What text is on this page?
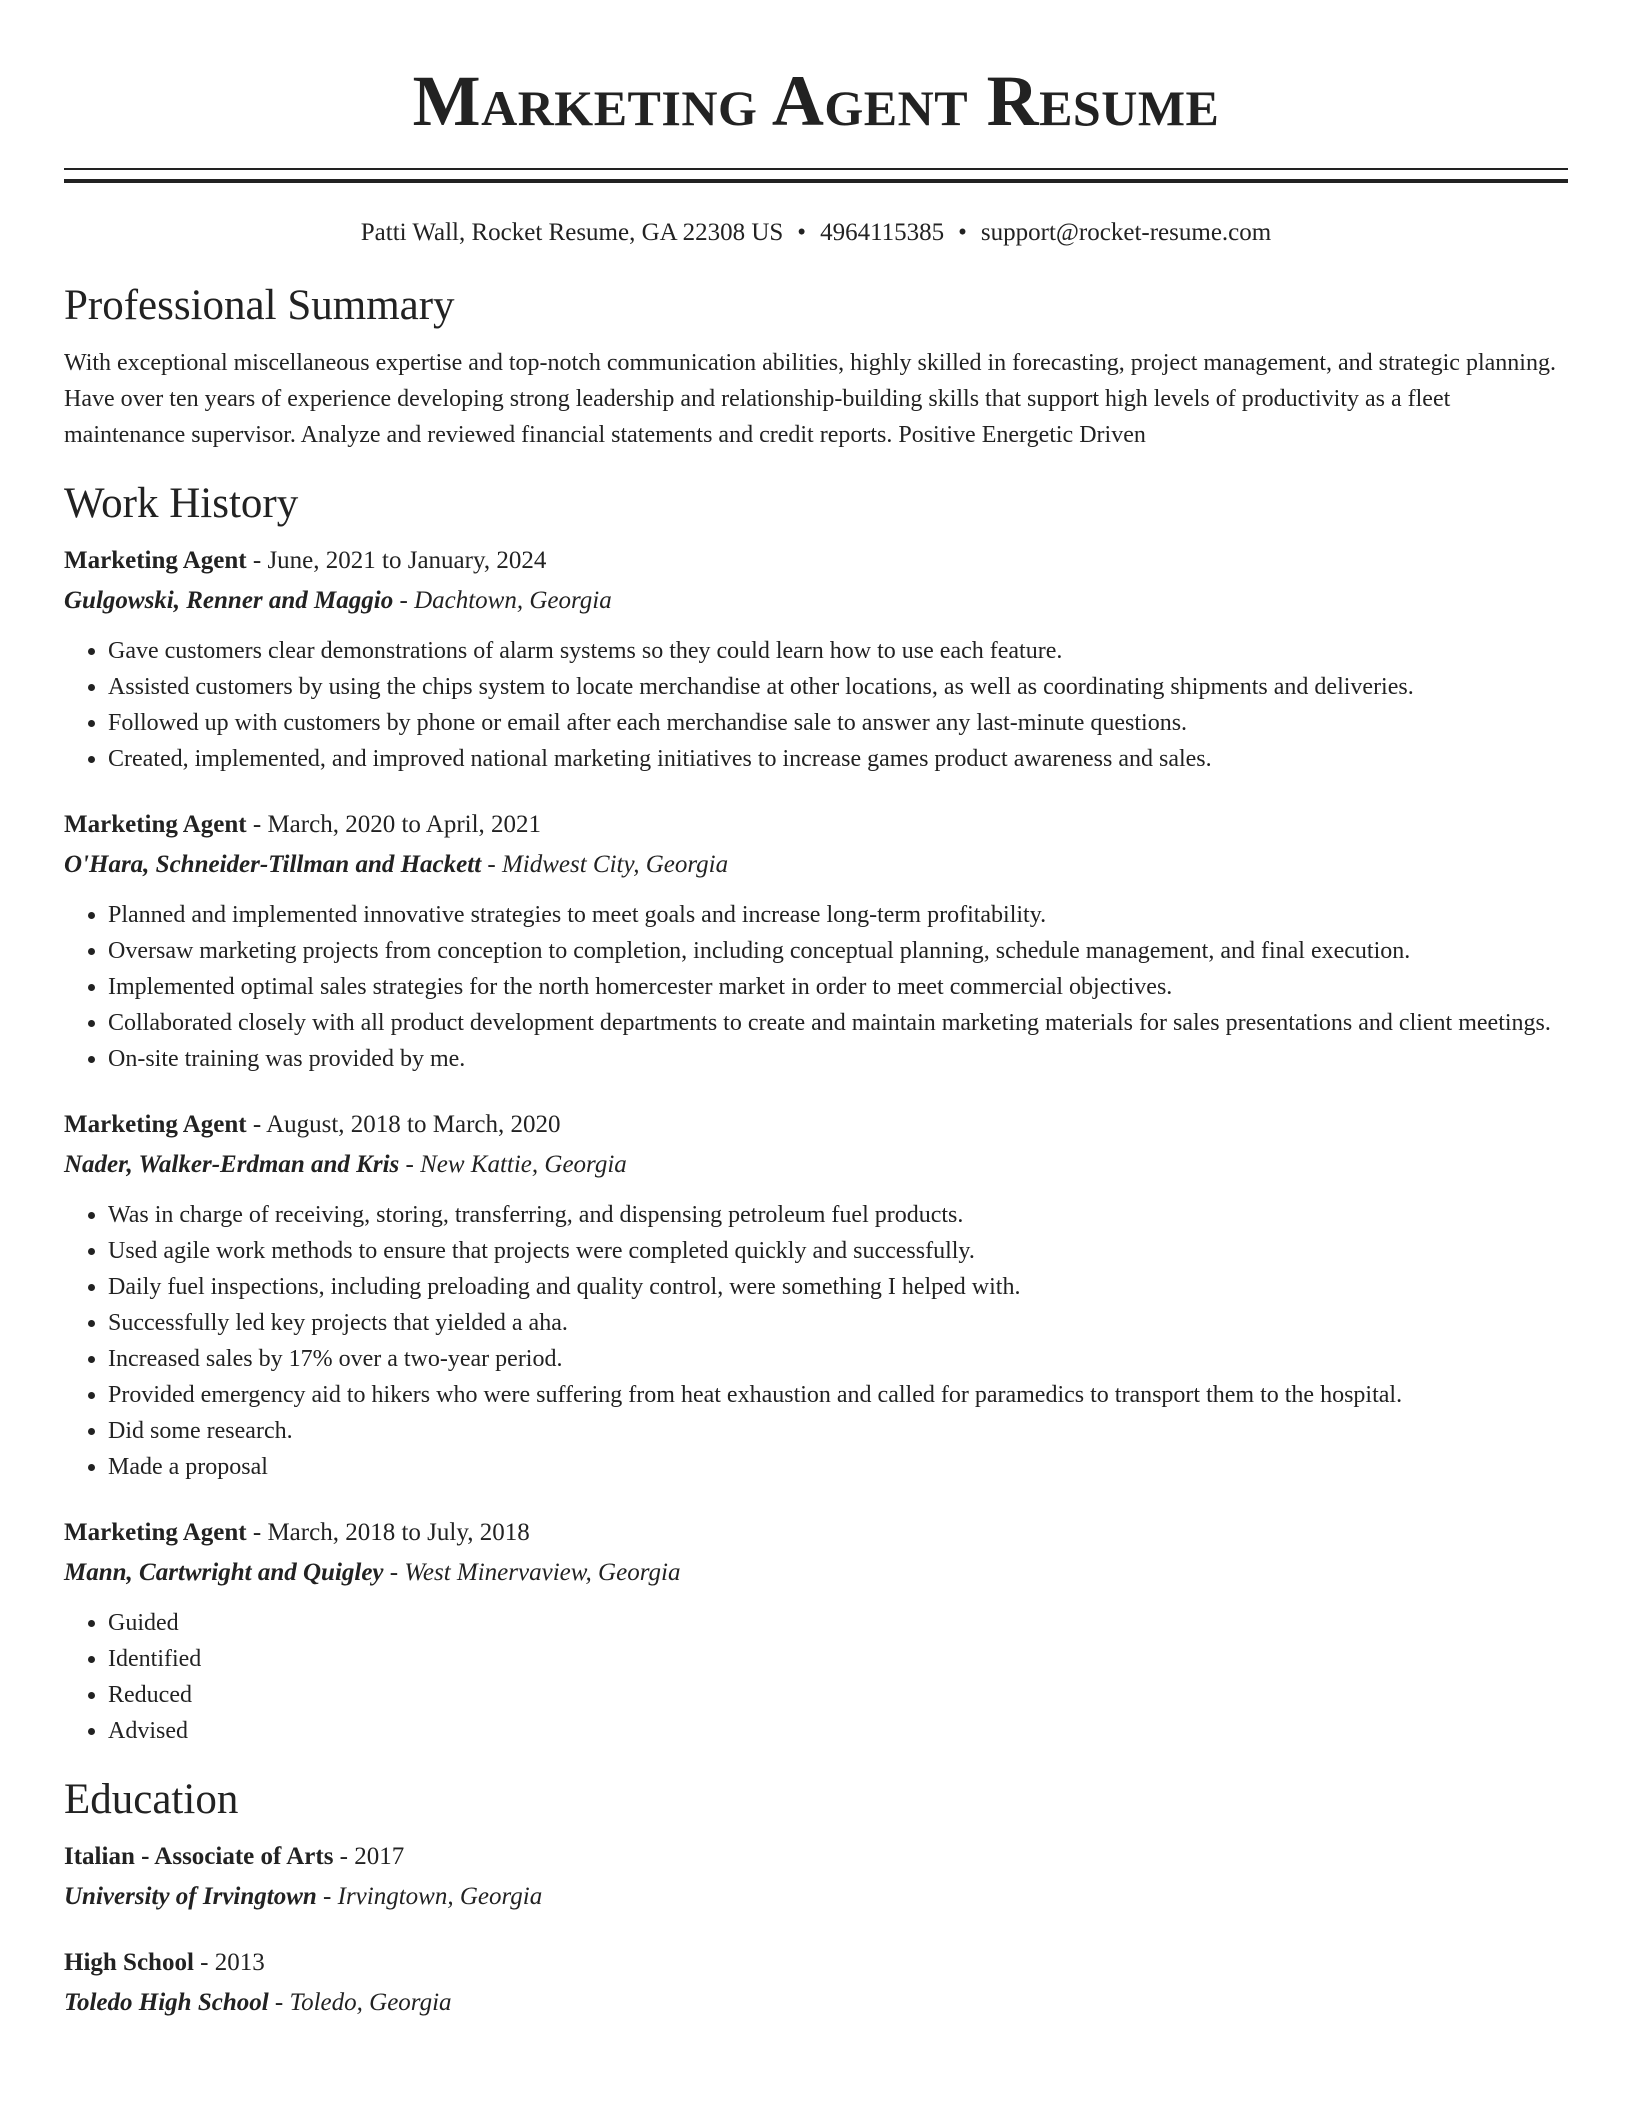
Marketing Agent Resume
Patti Wall, Rocket Resume, GA 22308 US • 4964115385 • support@rocket-resume.com
Professional Summary

With exceptional miscellaneous expertise and top-notch communication abilities, highly skilled in forecasting, project management, and strategic planning. Have over ten years of experience developing strong leadership and relationship-building skills that support high levels of productivity as a fleet maintenance supervisor. Analyze and reviewed financial statements and credit reports. Positive Energetic Driven

Work History
Marketing Agent - June, 2021 to January, 2024
Gulgowski, Renner and Maggio - Dachtown, Georgia
• Gave customers clear demonstrations of alarm systems so they could learn how to use each feature.
• Assisted customers by using the chips system to locate merchandise at other locations, as well as coordinating shipments and deliveries.
• Followed up with customers by phone or email after each merchandise sale to answer any last-minute questions.
• Created, implemented, and improved national marketing initiatives to increase games product awareness and sales.
Marketing Agent - March, 2020 to April, 2021
O'Hara, Schneider-Tillman and Hackett - Midwest City, Georgia
• Planned and implemented innovative strategies to meet goals and increase long-term profitability.
• Oversaw marketing projects from conception to completion, including conceptual planning, schedule management, and final execution.
• Implemented optimal sales strategies for the north homercester market in order to meet commercial objectives.
• Collaborated closely with all product development departments to create and maintain marketing materials for sales presentations and client meetings.
• On-site training was provided by me.
Marketing Agent - August, 2018 to March, 2020
Nader, Walker-Erdman and Kris - New Kattie, Georgia
• Was in charge of receiving, storing, transferring, and dispensing petroleum fuel products.
• Used agile work methods to ensure that projects were completed quickly and successfully.
• Daily fuel inspections, including preloading and quality control, were something I helped with.
• Successfully led key projects that yielded a aha.
• Increased sales by 17% over a two-year period.
• Provided emergency aid to hikers who were suffering from heat exhaustion and called for paramedics to transport them to the hospital.
• Did some research.
• Made a proposal
Marketing Agent - March, 2018 to July, 2018
Mann, Cartwright and Quigley - West Minervaview, Georgia
• Guided
• Identified
• Reduced
• Advised
Education
Italian - Associate of Arts - 2017
University of Irvingtown - Irvingtown, Georgia
High School - 2013
Toledo High School - Toledo, Georgia
